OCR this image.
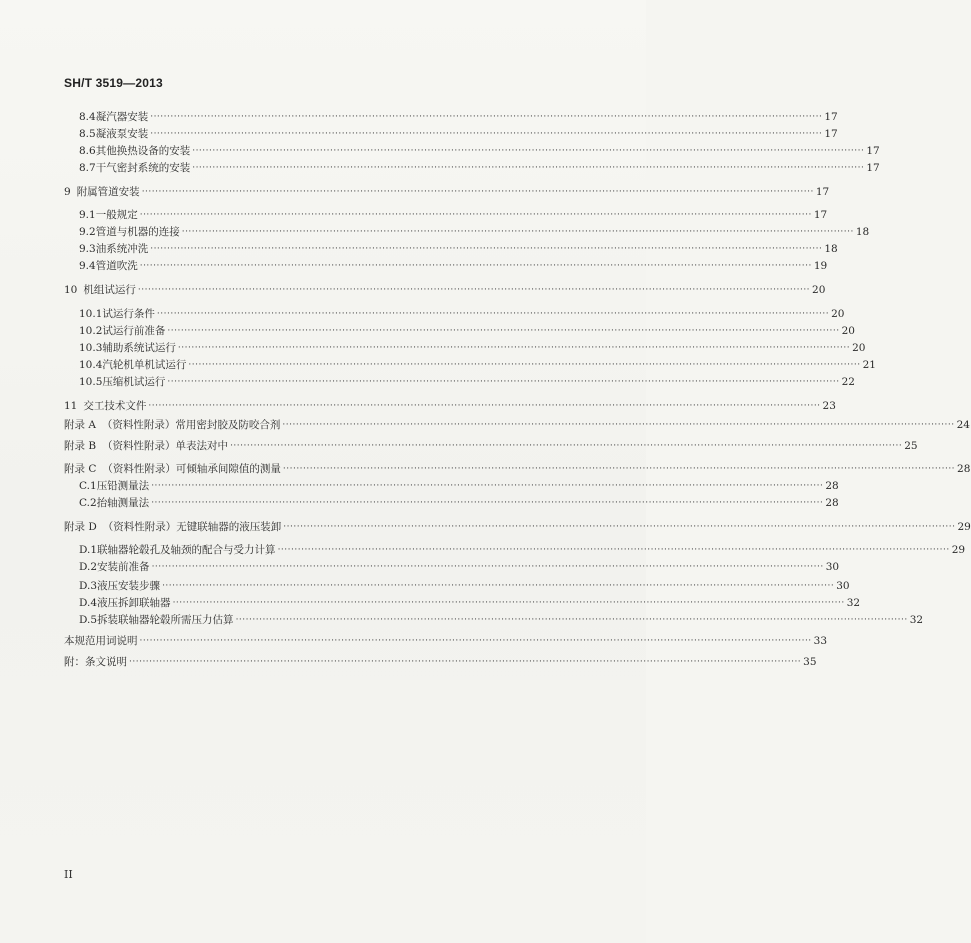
SH/T 3519—2013
8.4 凝汽器安装 ········································································································································································································ 17
8.5 凝液泵安装 ········································································································································································································ 17
8.6 其他换热设备的安装 ········································································································································································································ 17
8.7 干气密封系统的安装 ········································································································································································································ 17
9 附属管道安装 ········································································································································································································ 17
9.1 一般规定 ········································································································································································································ 17
9.2 管道与机器的连接 ········································································································································································································ 18
9.3 油系统冲洗 ········································································································································································································ 18
9.4 管道吹洗 ········································································································································································································ 19
10 机组试运行 ········································································································································································································ 20
10.1 试运行条件 ········································································································································································································ 20
10.2 试运行前准备 ········································································································································································································ 20
10.3 辅助系统试运行 ········································································································································································································ 20
10.4 汽轮机单机试运行 ········································································································································································································ 21
10.5 压缩机试运行 ········································································································································································································ 22
11 交工技术文件 ········································································································································································································ 23
附录 A （资料性附录）常用密封胶及防咬合剂 ········································································································································································································ 24
附录 B （资料性附录）单表法对中 ········································································································································································································ 25
附录 C （资料性附录）可倾轴承间隙值的测量 ········································································································································································································ 28
C.1 压铅测量法 ········································································································································································································ 28
C.2 抬轴测量法 ········································································································································································································ 28
附录 D （资料性附录）无键联轴器的液压装卸 ········································································································································································································ 29
D.1 联轴器轮毂孔及轴颈的配合与受力计算 ········································································································································································································ 29
D.2 安装前准备 ········································································································································································································ 30
D.3 液压安装步骤 ········································································································································································································ 30
D.4 液压拆卸联轴器 ········································································································································································································ 32
D.5 拆装联轴器轮毂所需压力估算 ········································································································································································································ 32
本规范用词说明 ········································································································································································································ 33
附：条文说明 ········································································································································································································ 35
II
